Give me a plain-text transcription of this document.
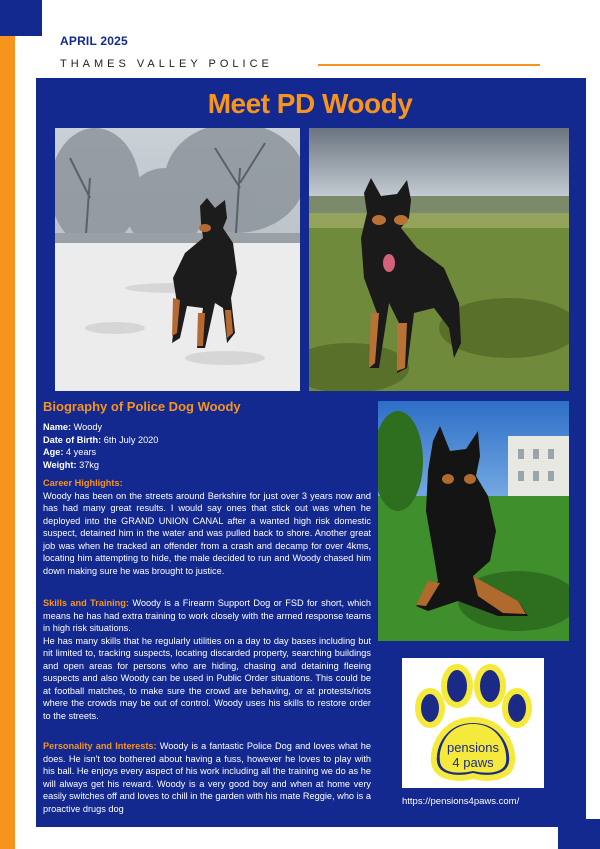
APRIL 2025
THAMES VALLEY POLICE
Meet PD Woody
Biography of Police Dog Woody
Name: Woody
Date of Birth: 6th July 2020
Age: 4 years
Weight: 37kg
Career Highlights:
Woody has been on the streets around Berkshire for just over 3 years now and has had many great results. I would say ones that stick out was when he deployed into the GRAND UNION CANAL after a wanted high risk domestic suspect, detained him in the water and was pulled back to shore. Another great job was when he tracked an offender from a crash and decamp for over 4kms, locating him attempting to hide, the male decided to run and Woody chased him down making sure he was brought to justice.
Skills and Training: Woody is a Firearm Support Dog or FSD for short, which means he has had extra training to work closely with the armed response teams in high risk situations.
He has many skills that he regularly utilities on a day to day bases including but nit limited to, tracking suspects, locating discarded property, searching buildings and open areas for persons who are hiding, chasing and detaining fleeing suspects and also Woody can be used in Public Order situations. This could be at football matches, to make sure the crowd are behaving, or at protests/riots where the crowds may be out of control. Woody uses his skills to restore order to the streets.
Personality and Interests: Woody is a fantastic Police Dog and loves what he does. He isn't too bothered about having a fuss, however he loves to play with his ball. He enjoys every aspect of his work including all the training we do as he will always get his reward. Woody is a very good boy and when at home very easily switches off and loves to chill in the garden with his mate Reggie, who is a proactive drugs dog
pensions
4 paws
https://pensions4paws.com/
